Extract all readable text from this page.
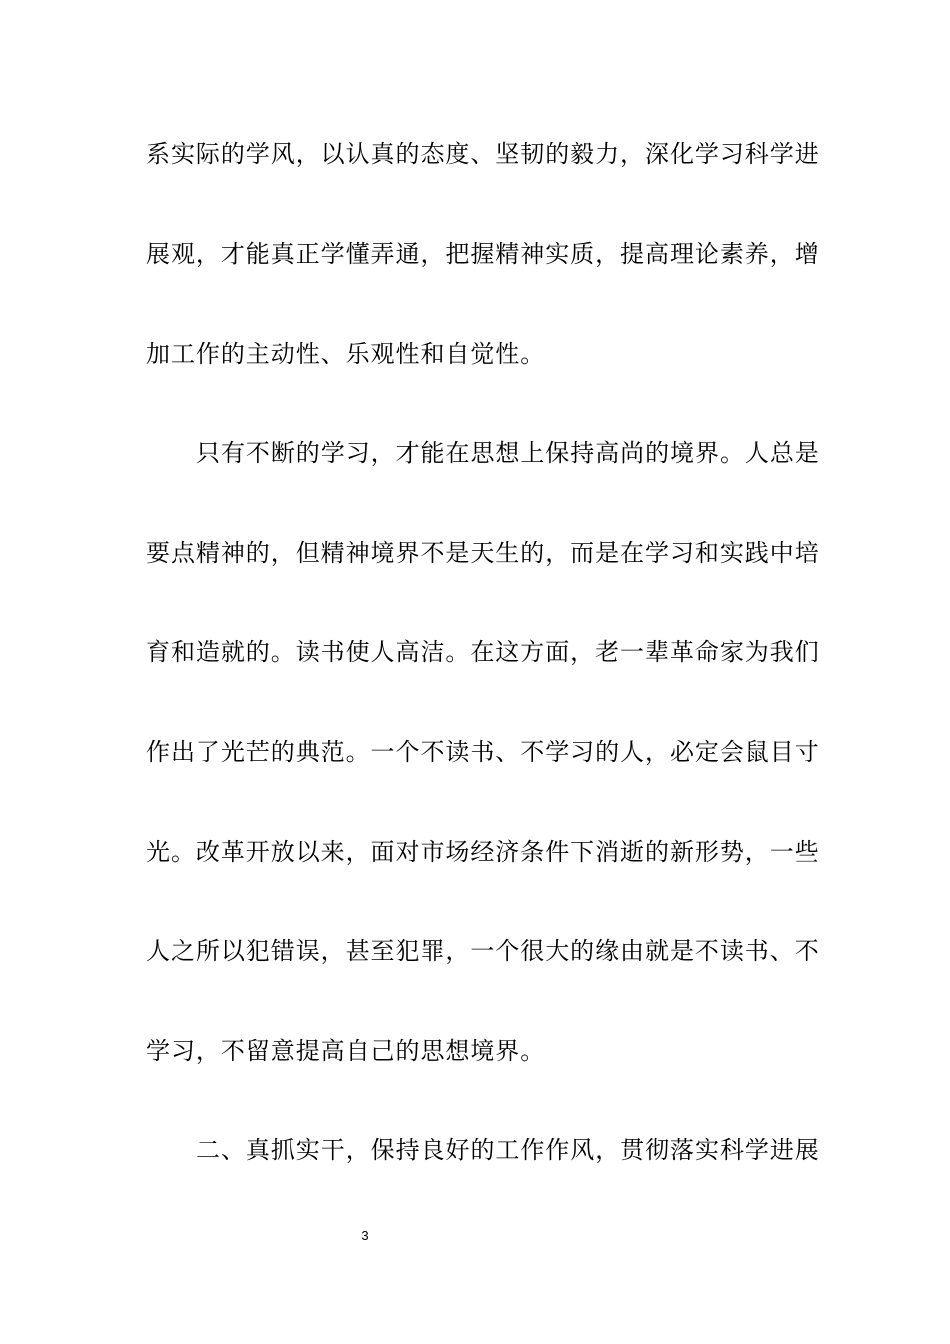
系实际的学风，以认真的态度、坚韧的毅力，深化学习科学进
展观，才能真正学懂弄通，把握精神实质，提高理论素养，增
加工作的主动性、乐观性和自觉性。
只有不断的学习，才能在思想上保持高尚的境界。人总是
要点精神的，但精神境界不是天生的，而是在学习和实践中培
育和造就的。读书使人高洁。在这方面，老一辈革命家为我们
作出了光芒的典范。一个不读书、不学习的人，必定会鼠目寸
光。改革开放以来，面对市场经济条件下消逝的新形势，一些
人之所以犯错误，甚至犯罪，一个很大的缘由就是不读书、不
学习，不留意提高自己的思想境界。
二、真抓实干，保持良好的工作作风，贯彻落实科学进展
3
